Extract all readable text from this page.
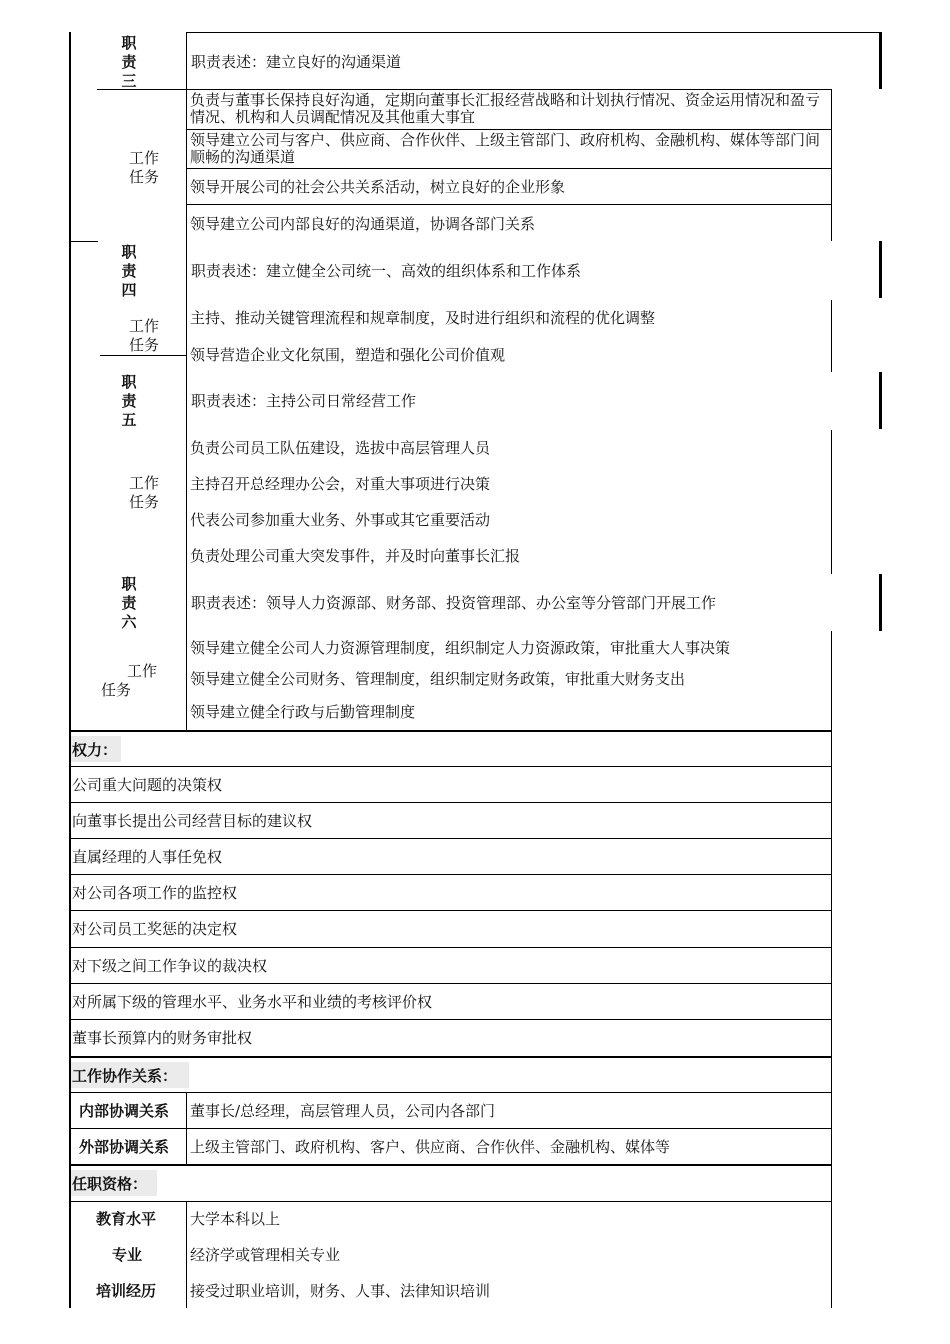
职
责
三
职责表述：建立良好的沟通渠道
工作
任务
负责与董事长保持良好沟通，定期向董事长汇报经营战略和计划执行情况、资金运用情况和盈亏情况、机构和人员调配情况及其他重大事宜
领导建立公司与客户、供应商、合作伙伴、上级主管部门、政府机构、金融机构、媒体等部门间顺畅的沟通渠道
领导开展公司的社会公共关系活动，树立良好的企业形象
领导建立公司内部良好的沟通渠道，协调各部门关系
职
责
四
职责表述：建立健全公司统一、高效的组织体系和工作体系
工作
任务
主持、推动关键管理流程和规章制度，及时进行组织和流程的优化调整
领导营造企业文化氛围，塑造和强化公司价值观
职
责
五
职责表述：主持公司日常经营工作
工作
任务
负责公司员工队伍建设，选拔中高层管理人员
主持召开总经理办公会，对重大事项进行决策
代表公司参加重大业务、外事或其它重要活动
负责处理公司重大突发事件，并及时向董事长汇报
职
责
六
职责表述：领导人力资源部、财务部、投资管理部、办公室等分管部门开展工作
工作
任务
领导建立健全公司人力资源管理制度，组织制定人力资源政策，审批重大人事决策
领导建立健全公司财务、管理制度，组织制定财务政策，审批重大财务支出
领导建立健全行政与后勤管理制度
权力：
公司重大问题的决策权
向董事长提出公司经营目标的建议权
直属经理的人事任免权
对公司各项工作的监控权
对公司员工奖惩的决定权
对下级之间工作争议的裁决权
对所属下级的管理水平、业务水平和业绩的考核评价权
董事长预算内的财务审批权
工作协作关系：
内部协调关系 董事长/总经理，高层管理人员，公司内各部门
外部协调关系 上级主管部门、政府机构、客户、供应商、合作伙伴、金融机构、媒体等
任职资格：
教育水平 大学本科以上
专业	经济学或管理相关专业
培训经历 接受过职业培训，财务、人事、法律知识培训
